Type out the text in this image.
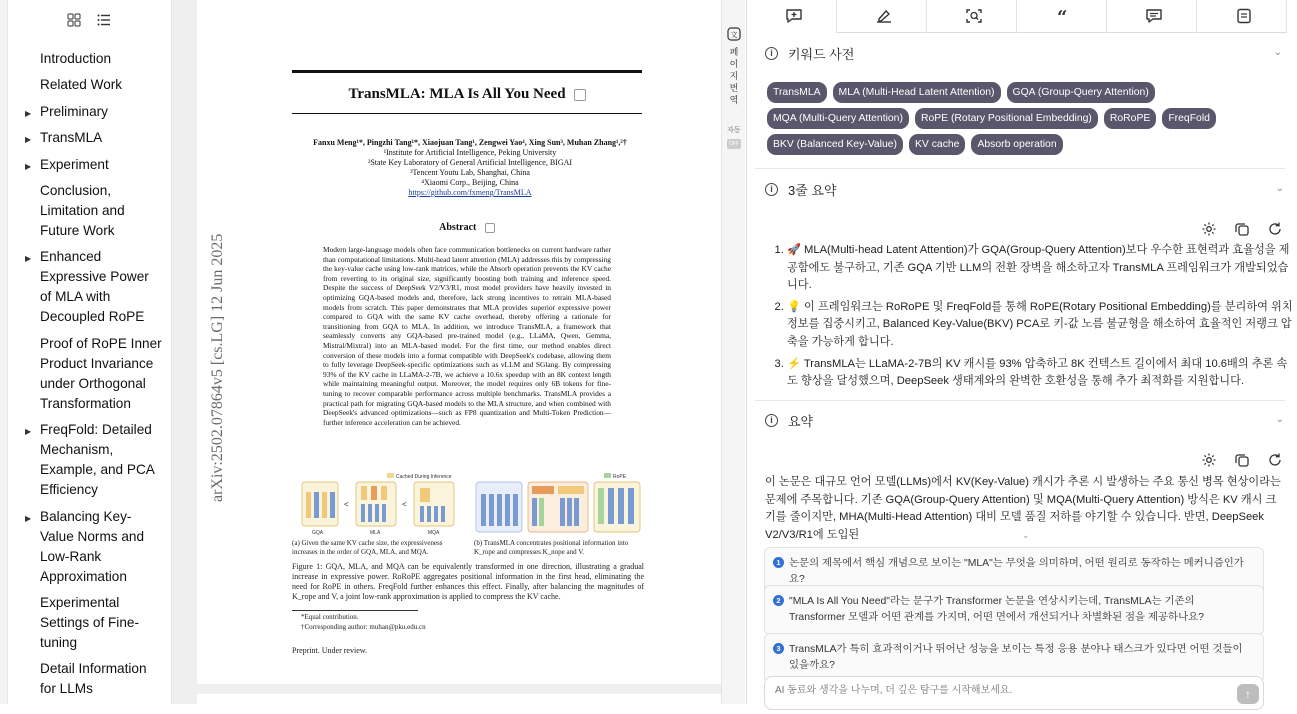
Introduction
Related Work
▶ Preliminary
▶ TransMLA
▶ Experiment
Conclusion, Limitation and Future Work
▶ Enhanced Expressive Power of MLA with Decoupled RoPE
Proof of RoPE Inner Product Invariance under Orthogonal Transformation
▶ FreqFold: Detailed Mechanism, Example, and PCA Efficiency
▶ Balancing Key-Value Norms and Low-Rank Approximation
Experimental Settings of Fine-tuning
Detail Information for LLMs
arXiv:2502.07864v5 [cs.LG] 12 Jun 2025
TransMLA: MLA Is All You Need
Fanxu Meng¹*, Pingzhi Tang¹*, Xiaojuan Tang¹, Zengwei Yao⁴, Xing Sun³, Muhan Zhang¹,²†
¹Institute for Artificial Intelligence, Peking University
²State Key Laboratory of General Artificial Intelligence, BIGAI
³Tencent Youtu Lab, Shanghai, China
⁴Xiaomi Corp., Beijing, China
https://github.com/fxmeng/TransMLA
Abstract
Modern large-language models often face communication bottlenecks on current hardware rather than computational limitations. Multi-head latent attention (MLA) addresses this by compressing the key-value cache using low-rank matrices, while the Absorb operation prevents the KV cache from reverting to its original size, significantly boosting both training and inference speed. Despite the success of DeepSeek V2/V3/R1, most model providers have heavily invested in optimizing GQA-based models and, therefore, lack strong incentives to retrain MLA-based models from scratch. This paper demonstrates that MLA provides superior expressive power compared to GQA with the same KV cache overhead, thereby offering a rationale for transitioning from GQA to MLA. In addition, we introduce TransMLA, a framework that seamlessly converts any GQA-based pre-trained model (e.g., LLaMA, Qwen, Gemma, Mistral/Mixtral) into an MLA-based model. For the first time, our method enables direct conversion of these models into a format compatible with DeepSeek's codebase, allowing them to fully leverage DeepSeek-specific optimizations such as vLLM and SGlang. By compressing 93% of the KV cache in LLaMA-2-7B, we achieve a 10.6x speedup with an 8K context length while maintaining meaningful output. Moreover, the model requires only 6B tokens for fine-tuning to recover comparable performance across multiple benchmarks. TransMLA provides a practical path for migrating GQA-based models to the MLA structure, and when combined with DeepSeek's advanced optimizations—such as FP8 quantization and Multi-Token Prediction—further inference acceleration can be achieved.
Cached During Inference
<	<
GQA	MLA	MQA
RoPE
(a) Given the same KV cache size, the expressiveness increases in the order of GQA, MLA, and MQA.
(b) TransMLA concentrates positional information into K_rope and compresses K_nope and V.
Figure 1: GQA, MLA, and MQA can be equivalently transformed in one direction, illustrating a gradual increase in expressive power. RoRoPE aggregates positional information in the first head, eliminating the need for RoPE in others. FreqFold further enhances this effect. Finally, after balancing the magnitudes of K_rope and V, a joint low-rank approximation is applied to compress the KV cache.
*Equal contribution.
†Corresponding author: muhan@pku.edu.cn
Preprint. Under review.
文
페이지번역
자동
OFF
“
i	키워드 사전	⌄
TransMLA	MLA (Multi-Head Latent Attention)	GQA (Group-Query Attention)
MQA (Multi-Query Attention)	RoPE (Rotary Positional Embedding)	RoRoPE	FreqFold
BKV (Balanced Key-Value)	KV cache	Absorb operation
i	3줄 요약	⌄
1. 🚀 MLA(Multi-head Latent Attention)가 GQA(Group-Query Attention)보다 우수한 표현력과 효율성을 제공함에도 불구하고, 기존 GQA 기반 LLM의 전환 장벽을 해소하고자 TransMLA 프레임워크가 개발되었습니다.
2. 💡 이 프레임워크는 RoRoPE 및 FreqFold를 통해 RoPE(Rotary Positional Embedding)를 분리하여 위치 정보를 집중시키고, Balanced Key-Value(BKV) PCA로 키-값 노름 불균형을 해소하여 효율적인 저랭크 압축을 가능하게 합니다.
3. ⚡ TransMLA는 LLaMA-2-7B의 KV 캐시를 93% 압축하고 8K 컨텍스트 길이에서 최대 10.6배의 추론 속도 향상을 달성했으며, DeepSeek 생태계와의 완벽한 호환성을 통해 추가 최적화를 지원합니다.
i	요약	⌄
이 논문은 대규모 언어 모델(LLMs)에서 KV(Key-Value) 캐시가 추론 시 발생하는 주요 통신 병목 현상이라는 문제에 주목합니다. 기존 GQA(Group-Query Attention) 및 MQA(Multi-Query Attention) 방식은 KV 캐시 크기를 줄이지만, MHA(Multi-Head Attention) 대비 모델 품질 저하를 야기할 수 있습니다. 반면, DeepSeek V2/V3/R1에 도입된	⌄
1 논문의 제목에서 핵심 개념으로 보이는 "MLA"는 무엇을 의미하며, 어떤 원리로 동작하는 메커니즘인가요?
2 "MLA Is All You Need"라는 문구가 Transformer 논문을 연상시키는데, TransMLA는 기존의 Transformer 모델과 어떤 관계를 가지며, 어떤 면에서 개선되거나 차별화된 점을 제공하나요?
3 TransMLA가 특히 효과적이거나 뛰어난 성능을 보이는 특정 응용 분야나 태스크가 있다면 어떤 것들이 있을까요?
AI 동료와 생각을 나누며, 더 깊은 탐구를 시작해보세요.
↑
